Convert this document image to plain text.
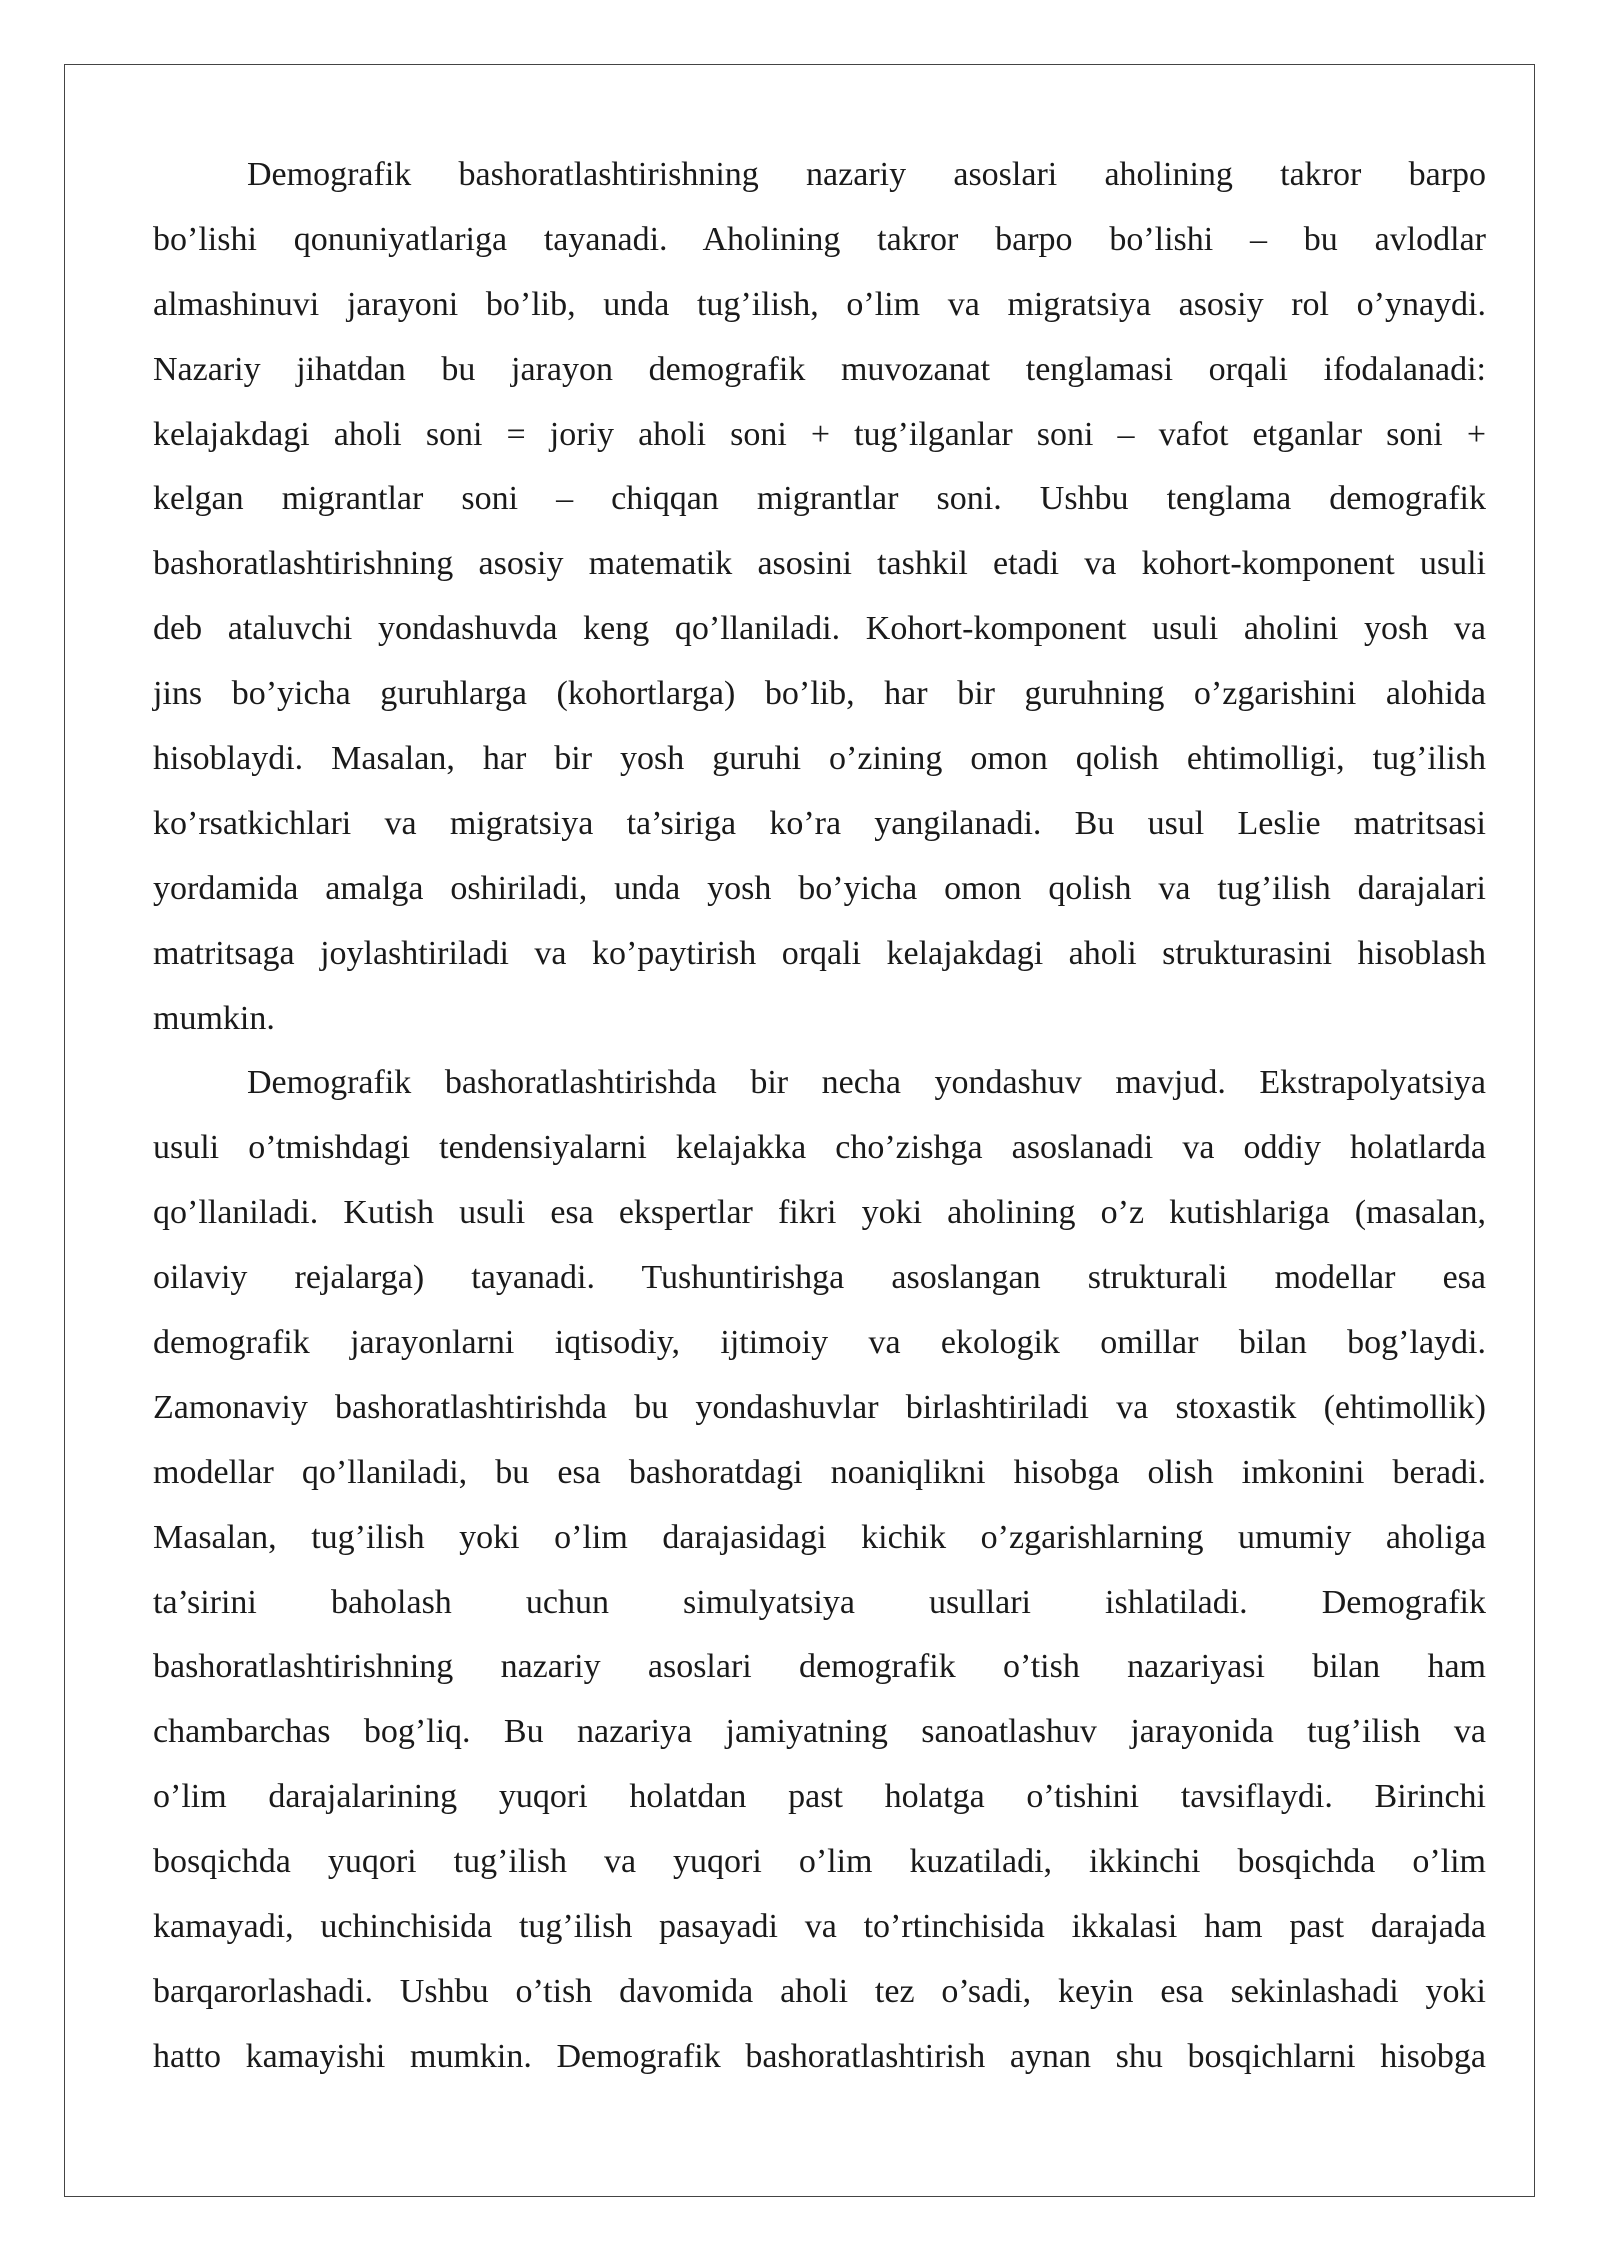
Demografik bashoratlashtirishning nazariy asoslari aholining takror barpo
bo’lishi qonuniyatlariga tayanadi. Aholining takror barpo bo’lishi – bu avlodlar
almashinuvi jarayoni bo’lib, unda tug’ilish, o’lim va migratsiya asosiy rol o’ynaydi.
Nazariy jihatdan bu jarayon demografik muvozanat tenglamasi orqali ifodalanadi:
kelajakdagi aholi soni = joriy aholi soni + tug’ilganlar soni – vafot etganlar soni +
kelgan migrantlar soni – chiqqan migrantlar soni. Ushbu tenglama demografik
bashoratlashtirishning asosiy matematik asosini tashkil etadi va kohort-komponent usuli
deb ataluvchi yondashuvda keng qo’llaniladi. Kohort-komponent usuli aholini yosh va
jins bo’yicha guruhlarga (kohortlarga) bo’lib, har bir guruhning o’zgarishini alohida
hisoblaydi. Masalan, har bir yosh guruhi o’zining omon qolish ehtimolligi, tug’ilish
ko’rsatkichlari va migratsiya ta’siriga ko’ra yangilanadi. Bu usul Leslie matritsasi
yordamida amalga oshiriladi, unda yosh bo’yicha omon qolish va tug’ilish darajalari
matritsaga joylashtiriladi va ko’paytirish orqali kelajakdagi aholi strukturasini hisoblash
mumkin.
Demografik bashoratlashtirishda bir necha yondashuv mavjud. Ekstrapolyatsiya
usuli o’tmishdagi tendensiyalarni kelajakka cho’zishga asoslanadi va oddiy holatlarda
qo’llaniladi. Kutish usuli esa ekspertlar fikri yoki aholining o’z kutishlariga (masalan,
oilaviy rejalarga) tayanadi. Tushuntirishga asoslangan strukturali modellar esa
demografik jarayonlarni iqtisodiy, ijtimoiy va ekologik omillar bilan bog’laydi.
Zamonaviy bashoratlashtirishda bu yondashuvlar birlashtiriladi va stoxastik (ehtimollik)
modellar qo’llaniladi, bu esa bashoratdagi noaniqlikni hisobga olish imkonini beradi.
Masalan, tug’ilish yoki o’lim darajasidagi kichik o’zgarishlarning umumiy aholiga
ta’sirini baholash uchun simulyatsiya usullari ishlatiladi. Demografik
bashoratlashtirishning nazariy asoslari demografik o’tish nazariyasi bilan ham
chambarchas bog’liq. Bu nazariya jamiyatning sanoatlashuv jarayonida tug’ilish va
o’lim darajalarining yuqori holatdan past holatga o’tishini tavsiflaydi. Birinchi
bosqichda yuqori tug’ilish va yuqori o’lim kuzatiladi, ikkinchi bosqichda o’lim
kamayadi, uchinchisida tug’ilish pasayadi va to’rtinchisida ikkalasi ham past darajada
barqarorlashadi. Ushbu o’tish davomida aholi tez o’sadi, keyin esa sekinlashadi yoki
hatto kamayishi mumkin. Demografik bashoratlashtirish aynan shu bosqichlarni hisobga
